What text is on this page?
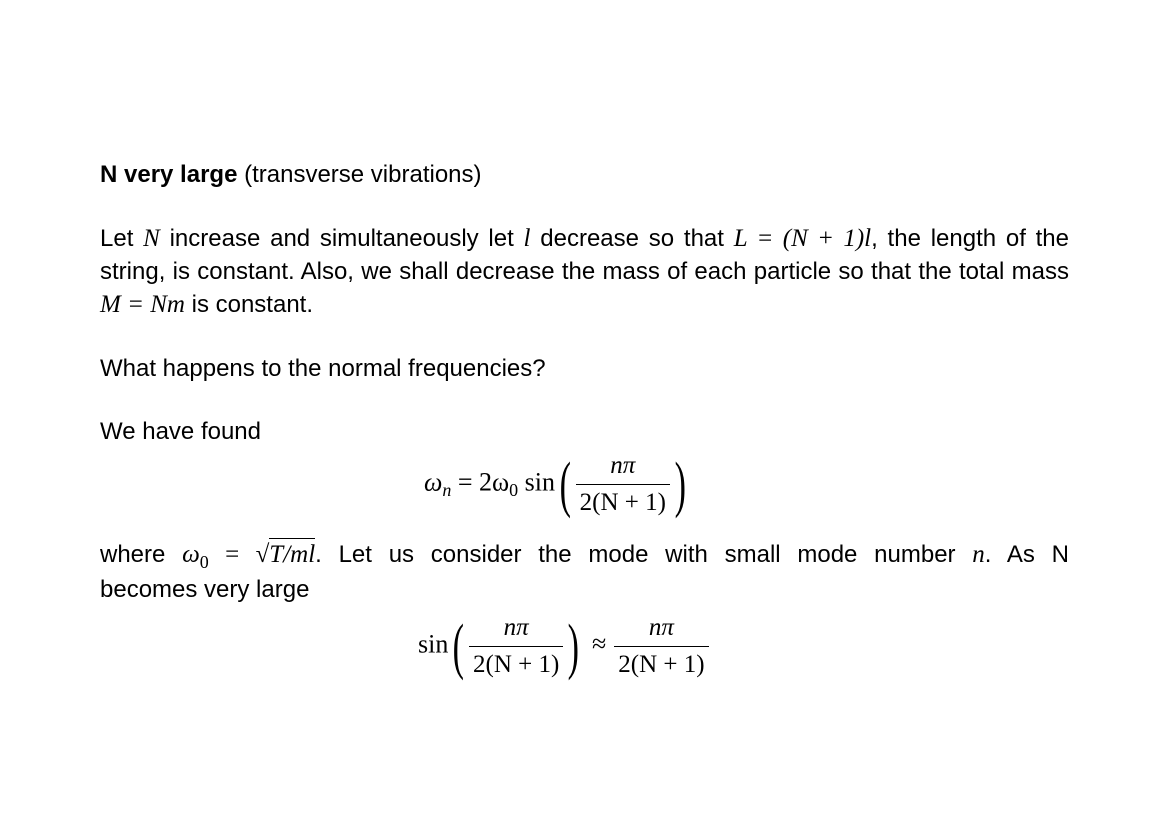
N very large (transverse vibrations)
Let N increase and simultaneously let l decrease so that L = (N + 1)l, the length of the string, is constant. Also, we shall decrease the mass of each particle so that the total mass M = Nm is constant.
What happens to the normal frequencies?
We have found
$\omega_n = 2\omega_0$ $\sin( \frac{n\pi}{2(N + 1)}$ )
where $\omega_0 = √T/ml$. Let us consider the mode with small mode number n. As N
becomes very large
$\sin( \frac{n\pi}{2(N + 1)}$ ) ≈ $\frac{n\pi}{2(N + 1)}$
